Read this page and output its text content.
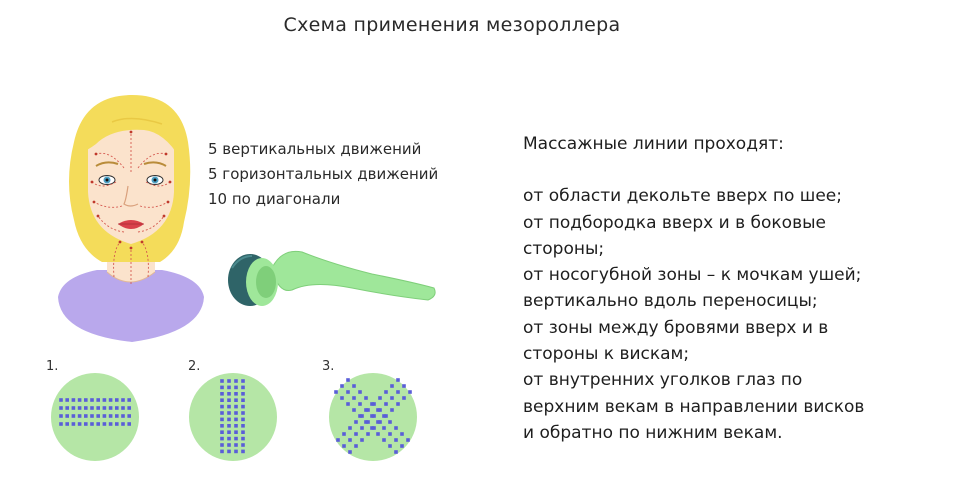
Схема применения мезороллера
5 вертикальных движений
5 горизонтальных движений
10 по диагонали
Массажные линии проходят:
от области декольте вверх по шее;
от подбородка вверх и в боковые
стороны;
от носогубной зоны – к мочкам ушей;
вертикально вдоль переносицы;
от зоны между бровями вверх и в
стороны к вискам;
от внутренних уголков глаз по
верхним векам в направлении висков
и обратно по нижним векам.
1.	2.	3.
